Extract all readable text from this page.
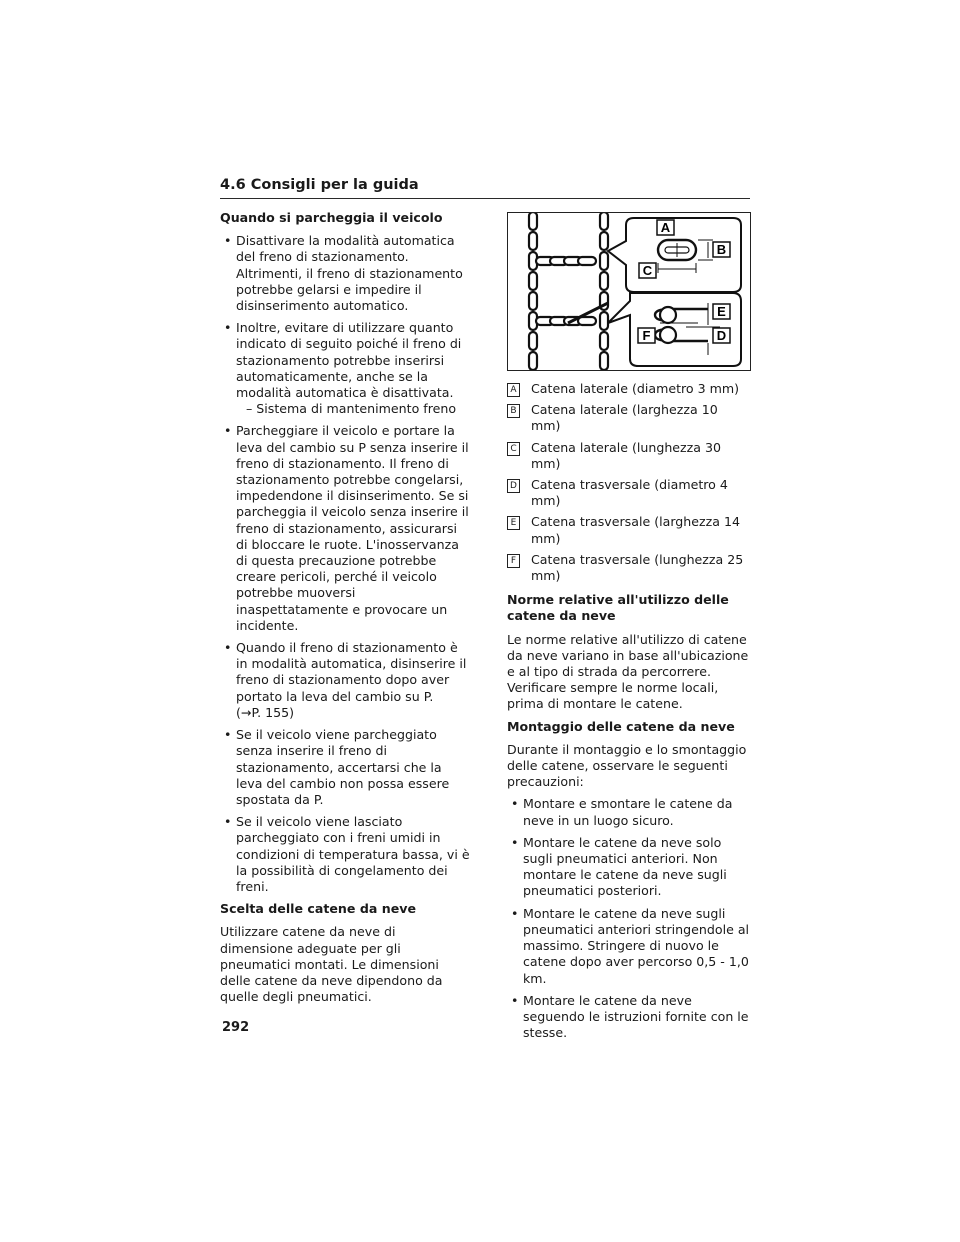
4.6 Consigli per la guida
Quando si parcheggia il veicolo
• Disattivare la modalità automatica del freno di stazionamento. Altrimenti, il freno di stazionamento potrebbe gelarsi e impedire il disinserimento automatico.
• Inoltre, evitare di utilizzare quanto indicato di seguito poiché il freno di stazionamento potrebbe inserirsi automaticamente, anche se la modalità automatica è disattivata.
– Sistema di mantenimento freno
• Parcheggiare il veicolo e portare la leva del cambio su P senza inserire il freno di stazionamento. Il freno di stazionamento potrebbe congelarsi, impedendone il disinserimento. Se si parcheggia il veicolo senza inserire il freno di stazionamento, assicurarsi di bloccare le ruote. L'inosservanza di questa precauzione potrebbe creare pericoli, perché il veicolo potrebbe muoversi inaspettatamente e provocare un incidente.
• Quando il freno di stazionamento è in modalità automatica, disinserire il freno di stazionamento dopo aver portato la leva del cambio su P.
(→P. 155)
• Se il veicolo viene parcheggiato senza inserire il freno di stazionamento, accertarsi che la leva del cambio non possa essere spostata da P.
• Se il veicolo viene lasciato parcheggiato con i freni umidi in condizioni di temperatura bassa, vi è la possibilità di congelamento dei freni.
Scelta delle catene da neve

Utilizzare catene da neve di dimensione adeguate per gli pneumatici montati. Le dimensioni delle catene da neve dipendono da quelle degli pneumatici.

A
B
C
E
F	D
A Catena laterale (diametro 3 mm)
B Catena laterale (larghezza 10 mm)
C Catena laterale (lunghezza 30 mm)
D Catena trasversale (diametro 4 mm)
E Catena trasversale (larghezza 14 mm)
F	Catena trasversale (lunghezza 25 mm)
Norme relative all'utilizzo delle catene da neve

Le norme relative all'utilizzo di catene da neve variano in base all'ubicazione e al tipo di strada da percorrere. Verificare sempre le norme locali, prima di montare le catene.

Montaggio delle catene da neve

Durante il montaggio e lo smontaggio delle catene, osservare le seguenti precauzioni:

• Montare e smontare le catene da neve in un luogo sicuro.
• Montare le catene da neve solo sugli pneumatici anteriori. Non montare le catene da neve sugli pneumatici posteriori.
• Montare le catene da neve sugli pneumatici anteriori stringendole al massimo. Stringere di nuovo le catene dopo aver percorso 0,5 - 1,0 km.
• Montare le catene da neve seguendo le istruzioni fornite con le stesse.
292
